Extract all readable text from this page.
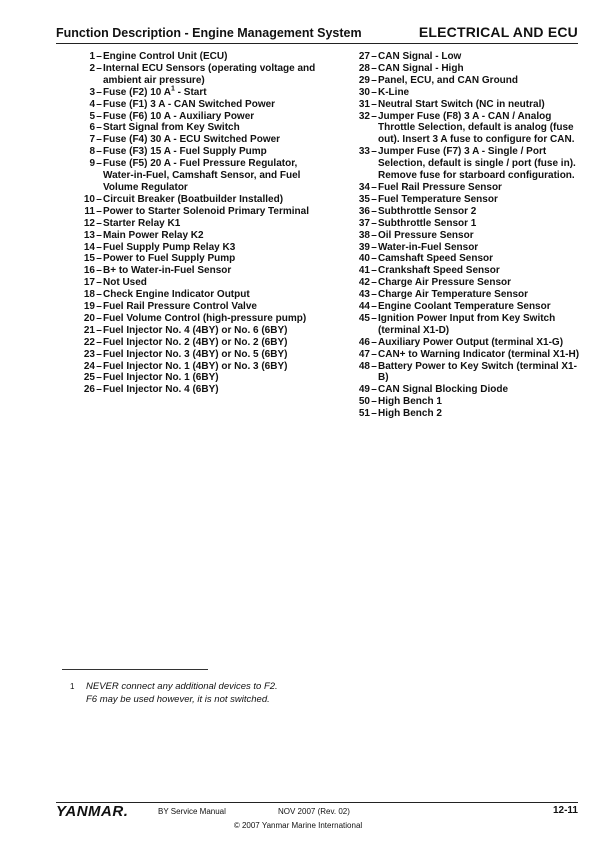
Function Description - Engine Management System	ELECTRICAL AND ECU
1 – Engine Control Unit (ECU)
2 – Internal ECU Sensors (operating voltage and ambient air pressure)
3 – Fuse (F2) 10 $A^1$ - Start
4 – Fuse (F1) 3 A - CAN Switched Power
5 – Fuse (F6) 10 A - Auxiliary Power
6 – Start Signal from Key Switch
7 – Fuse (F4) 30 A - ECU Switched Power
8 – Fuse (F3) 15 A - Fuel Supply Pump
9 – Fuse (F5) 20 A - Fuel Pressure Regulator, Water-in-Fuel, Camshaft Sensor, and Fuel Volume Regulator
10 – Circuit Breaker (Boatbuilder Installed)
11 – Power to Starter Solenoid Primary Terminal
12 – Starter Relay K1
13 – Main Power Relay K2
14 – Fuel Supply Pump Relay K3
15 – Power to Fuel Supply Pump
16 – B+ to Water-in-Fuel Sensor
17 – Not Used
18 – Check Engine Indicator Output
19 – Fuel Rail Pressure Control Valve
20 – Fuel Volume Control (high-pressure pump)
21 – Fuel Injector No. 4 (4BY) or No. 6 (6BY)
22 – Fuel Injector No. 2 (4BY) or No. 2 (6BY)
23 – Fuel Injector No. 3 (4BY) or No. 5 (6BY)
24 – Fuel Injector No. 1 (4BY) or No. 3 (6BY)
25 – Fuel Injector No. 1 (6BY)
26 – Fuel Injector No. 4 (6BY)
27 – CAN Signal - Low
28 – CAN Signal - High
29 – Panel, ECU, and CAN Ground
30 – K-Line
31 – Neutral Start Switch (NC in neutral)
32 – Jumper Fuse (F8) 3 A - CAN / Analog Throttle Selection, default is analog (fuse out). Insert 3 A fuse to configure for CAN.
33 – Jumper Fuse (F7) 3 A - Single / Port Selection, default is single / port (fuse in). Remove fuse for starboard configuration.
34 – Fuel Rail Pressure Sensor
35 – Fuel Temperature Sensor
36 – Subthrottle Sensor 2
37 – Subthrottle Sensor 1
38 – Oil Pressure Sensor
39 – Water-in-Fuel Sensor
40 – Camshaft Speed Sensor
41 – Crankshaft Speed Sensor
42 – Charge Air Pressure Sensor
43 – Charge Air Temperature Sensor
44 – Engine Coolant Temperature Sensor
45 – Ignition Power Input from Key Switch (terminal X1-D)
46 – Auxiliary Power Output (terminal X1-G)
47 – CAN+ to Warning Indicator (terminal X1-H)
48 – Battery Power to Key Switch (terminal X1-B)
49 – CAN Signal Blocking Diode
50 – High Bench 1
51 – High Bench 2
1 NEVER connect any additional devices to F2. F6 may be used however, it is not switched.
YANMAR.	BY Service Manual	NOV 2007 (Rev. 02)	12-11
© 2007 Yanmar Marine International
